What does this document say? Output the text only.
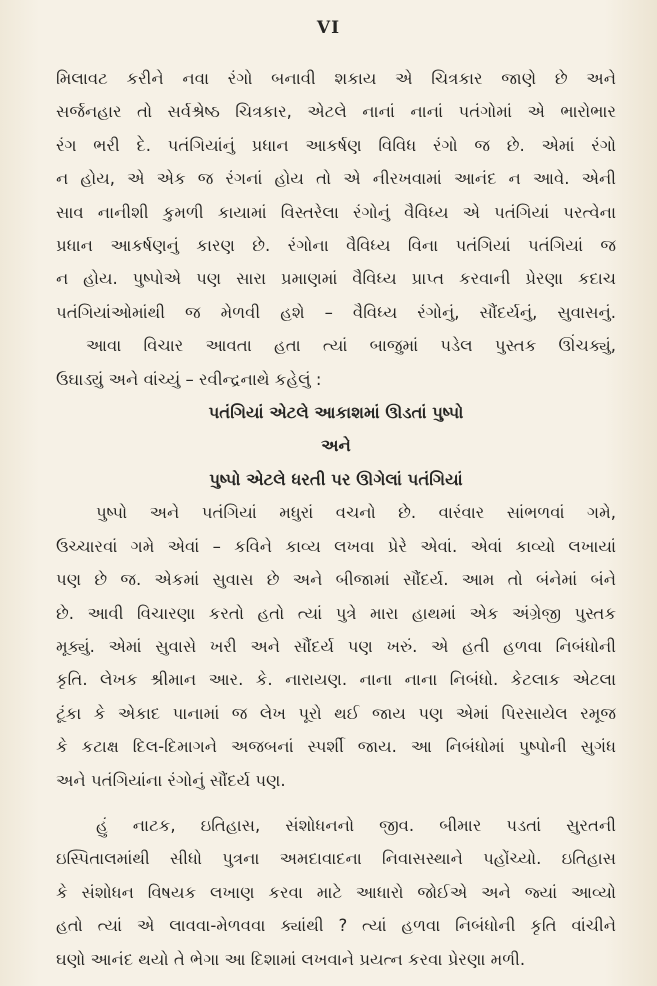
VI
મિલાવટ કરીને નવા રંગો બનાવી શકાય એ ચિત્રકાર જાણે છે અને
સર્જનહાર તો સર્વશ્રેષ્ઠ ચિત્રકાર, એટલે નાનાં નાનાં પતંગોમાં એ ભારોભાર
રંગ ભરી દે. પતંગિયાંનું પ્રધાન આકર્ષણ વિવિધ રંગો જ છે. એમાં રંગો
ન હોય, એ એક જ રંગનાં હોય તો એ નીરખવામાં આનંદ ન આવે. એની
સાવ નાનીશી કુમળી કાયામાં વિસ્તરેલા રંગોનું વૈવિધ્ય એ પતંગિયાં પરત્વેના
પ્રધાન આકર્ષણનું કારણ છે. રંગોના વૈવિધ્ય વિના પતંગિયાં પતંગિયાં જ
ન હોય. પુષ્પોએ પણ સારા પ્રમાણમાં વૈવિધ્ય પ્રાપ્ત કરવાની પ્રેરણા કદાચ
પતંગિયાંઓમાંથી જ મેળવી હશે – વૈવિધ્ય રંગોનું, સૌંદર્યનું, સુવાસનું.
આવા વિચાર આવતા હતા ત્યાં બાજુમાં પડેલ પુસ્તક ઊંચક્યું,
ઉઘાડ્યું અને વાંચ્યું – રવીન્દ્રનાથે કહેલું :
પતંગિયાં એટલે આકાશમાં ઊડતાં પુષ્પો
અને
પુષ્પો એટલે ધરતી પર ઊગેલાં પતંગિયાં
પુષ્પો અને પતંગિયાં મધુરાં વચનો છે. વારંવાર સાંભળવાં ગમે,
ઉચ્ચારવાં ગમે એવાં – કવિને કાવ્ય લખવા પ્રેરે એવાં. એવાં કાવ્યો લખાયાં
પણ છે જ. એકમાં સુવાસ છે અને બીજામાં સૌંદર્ય. આમ તો બંનેમાં બંને
છે. આવી વિચારણા કરતો હતો ત્યાં પુત્રે મારા હાથમાં એક અંગ્રેજી પુસ્તક
મૂક્યું. એમાં સુવાસે ખરી અને સૌંદર્ય પણ ખરું. એ હતી હળવા નિબંધોની
કૃતિ. લેખક શ્રીમાન આર. કે. નારાયણ. નાના નાના નિબંધો. કેટલાક એટલા
ટૂંકા કે એકાદ પાનામાં જ લેખ પૂરો થઈ જાય પણ એમાં પિરસાયેલ રમૂજ
કે કટાક્ષ દિલ-દિમાગને અજબનાં સ્પર્શી જાય. આ નિબંધોમાં પુષ્પોની સુગંધ
અને પતંગિયાંના રંગોનું સૌંદર્ય પણ.
હું નાટક, ઇતિહાસ, સંશોધનનો જીવ. બીમાર પડતાં સુરતની
ઇસ્પિતાલમાંથી સીધો પુત્રના અમદાવાદના નિવાસસ્થાને પહોંચ્યો. ઇતિહાસ
કે સંશોધન વિષયક લખાણ કરવા માટે આધારો જોઈએ અને જ્યાં આવ્યો
હતો ત્યાં એ લાવવા-મેળવવા ક્યાંથી ? ત્યાં હળવા નિબંધોની કૃતિ વાંચીને
ઘણો આનંદ થયો તે ભેગા આ દિશામાં લખવાને પ્રયત્ન કરવા પ્રેરણા મળી.
